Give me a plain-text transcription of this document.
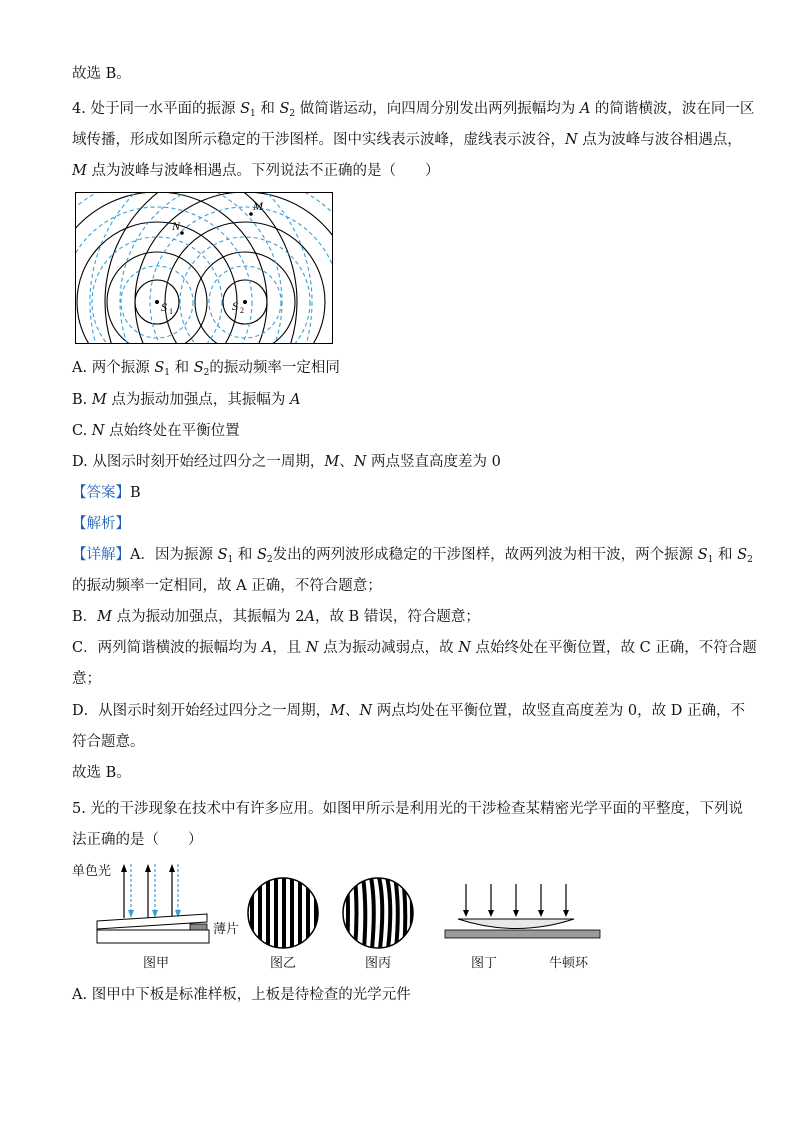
故选 B。
4. 处于同一水平面的振源 $S_1$ 和 $S_2$ 做简谐运动，向四周分别发出两列振幅均为 A 的简谐横波，波在同一区
域传播，形成如图所示稳定的干涉图样。图中实线表示波峰，虚线表示波谷，N 点为波峰与波谷相遇点，
M 点为波峰与波峰相遇点。下列说法不正确的是（　　）
N
M
S 1	S 2
A. 两个振源 $S_1$ 和 $S_2$的振动频率一定相同
B. M 点为振动加强点，其振幅为 A
C. N 点始终处在平衡位置
D. 从图示时刻开始经过四分之一周期，M、N 两点竖直高度差为 0
【答案】B
【解析】
【详解】A．因为振源 $S_1$ 和 $S_2$发出的两列波形成稳定的干涉图样，故两列波为相干波，两个振源 $S_1$ 和 $S_2$
的振动频率一定相同，故 A 正确，不符合题意；
B．M 点为振动加强点，其振幅为 2A，故 B 错误，符合题意；
C．两列简谐横波的振幅均为 A，且 N 点为振动减弱点，故 N 点始终处在平衡位置，故 C 正确，不符合题
意；
D．从图示时刻开始经过四分之一周期，M、N 两点均处在平衡位置，故竖直高度差为 0，故 D 正确，不
符合题意。
故选 B。
5. 光的干涉现象在技术中有许多应用。如图甲所示是利用光的干涉检查某精密光学平面的平整度，下列说
法正确的是（　　）
单色光
薄片
图甲	图乙	图丙	图丁	牛顿环
A. 图甲中下板是标准样板，上板是待检查的光学元件
